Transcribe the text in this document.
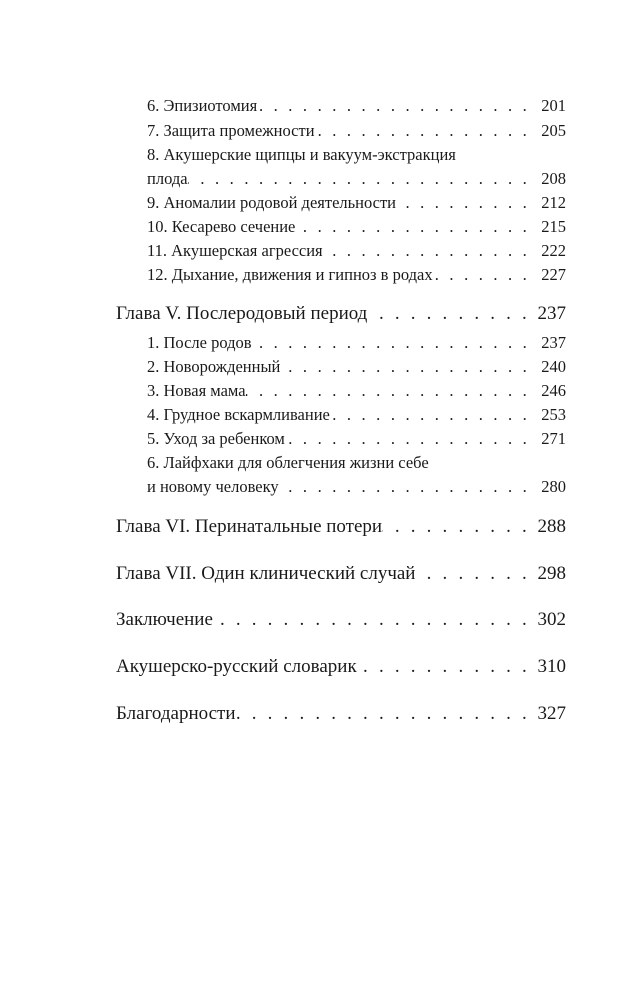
6. Эпизиотомия . . .	201
7. Защита промежности . . .	205
8. Акушерские щипцы и вакуум-экстракция
плода . . .	208
9. Аномалии родовой деятельности . . .	212
10. Кесарево сечение . . .	215
11. Акушерская агрессия . . .	222
12. Дыхание, движения и гипноз в родах . . .	227
Глава V. Послеродовый период . . .	237
1. После родов . . .	237
2. Новорожденный . . .	240
3. Новая мама . . .	246
4. Грудное вскармливание . . .	253
5. Уход за ребенком . . .	271
6. Лайфхаки для облегчения жизни себе
и новому человеку . . .	280
Глава VI. Перинатальные потери . . .	288
Глава VII. Один клинический случай . . .	298
Заключение . . .	302
Акушерско-русский словарик . . .	310
Благодарности . . .	327
